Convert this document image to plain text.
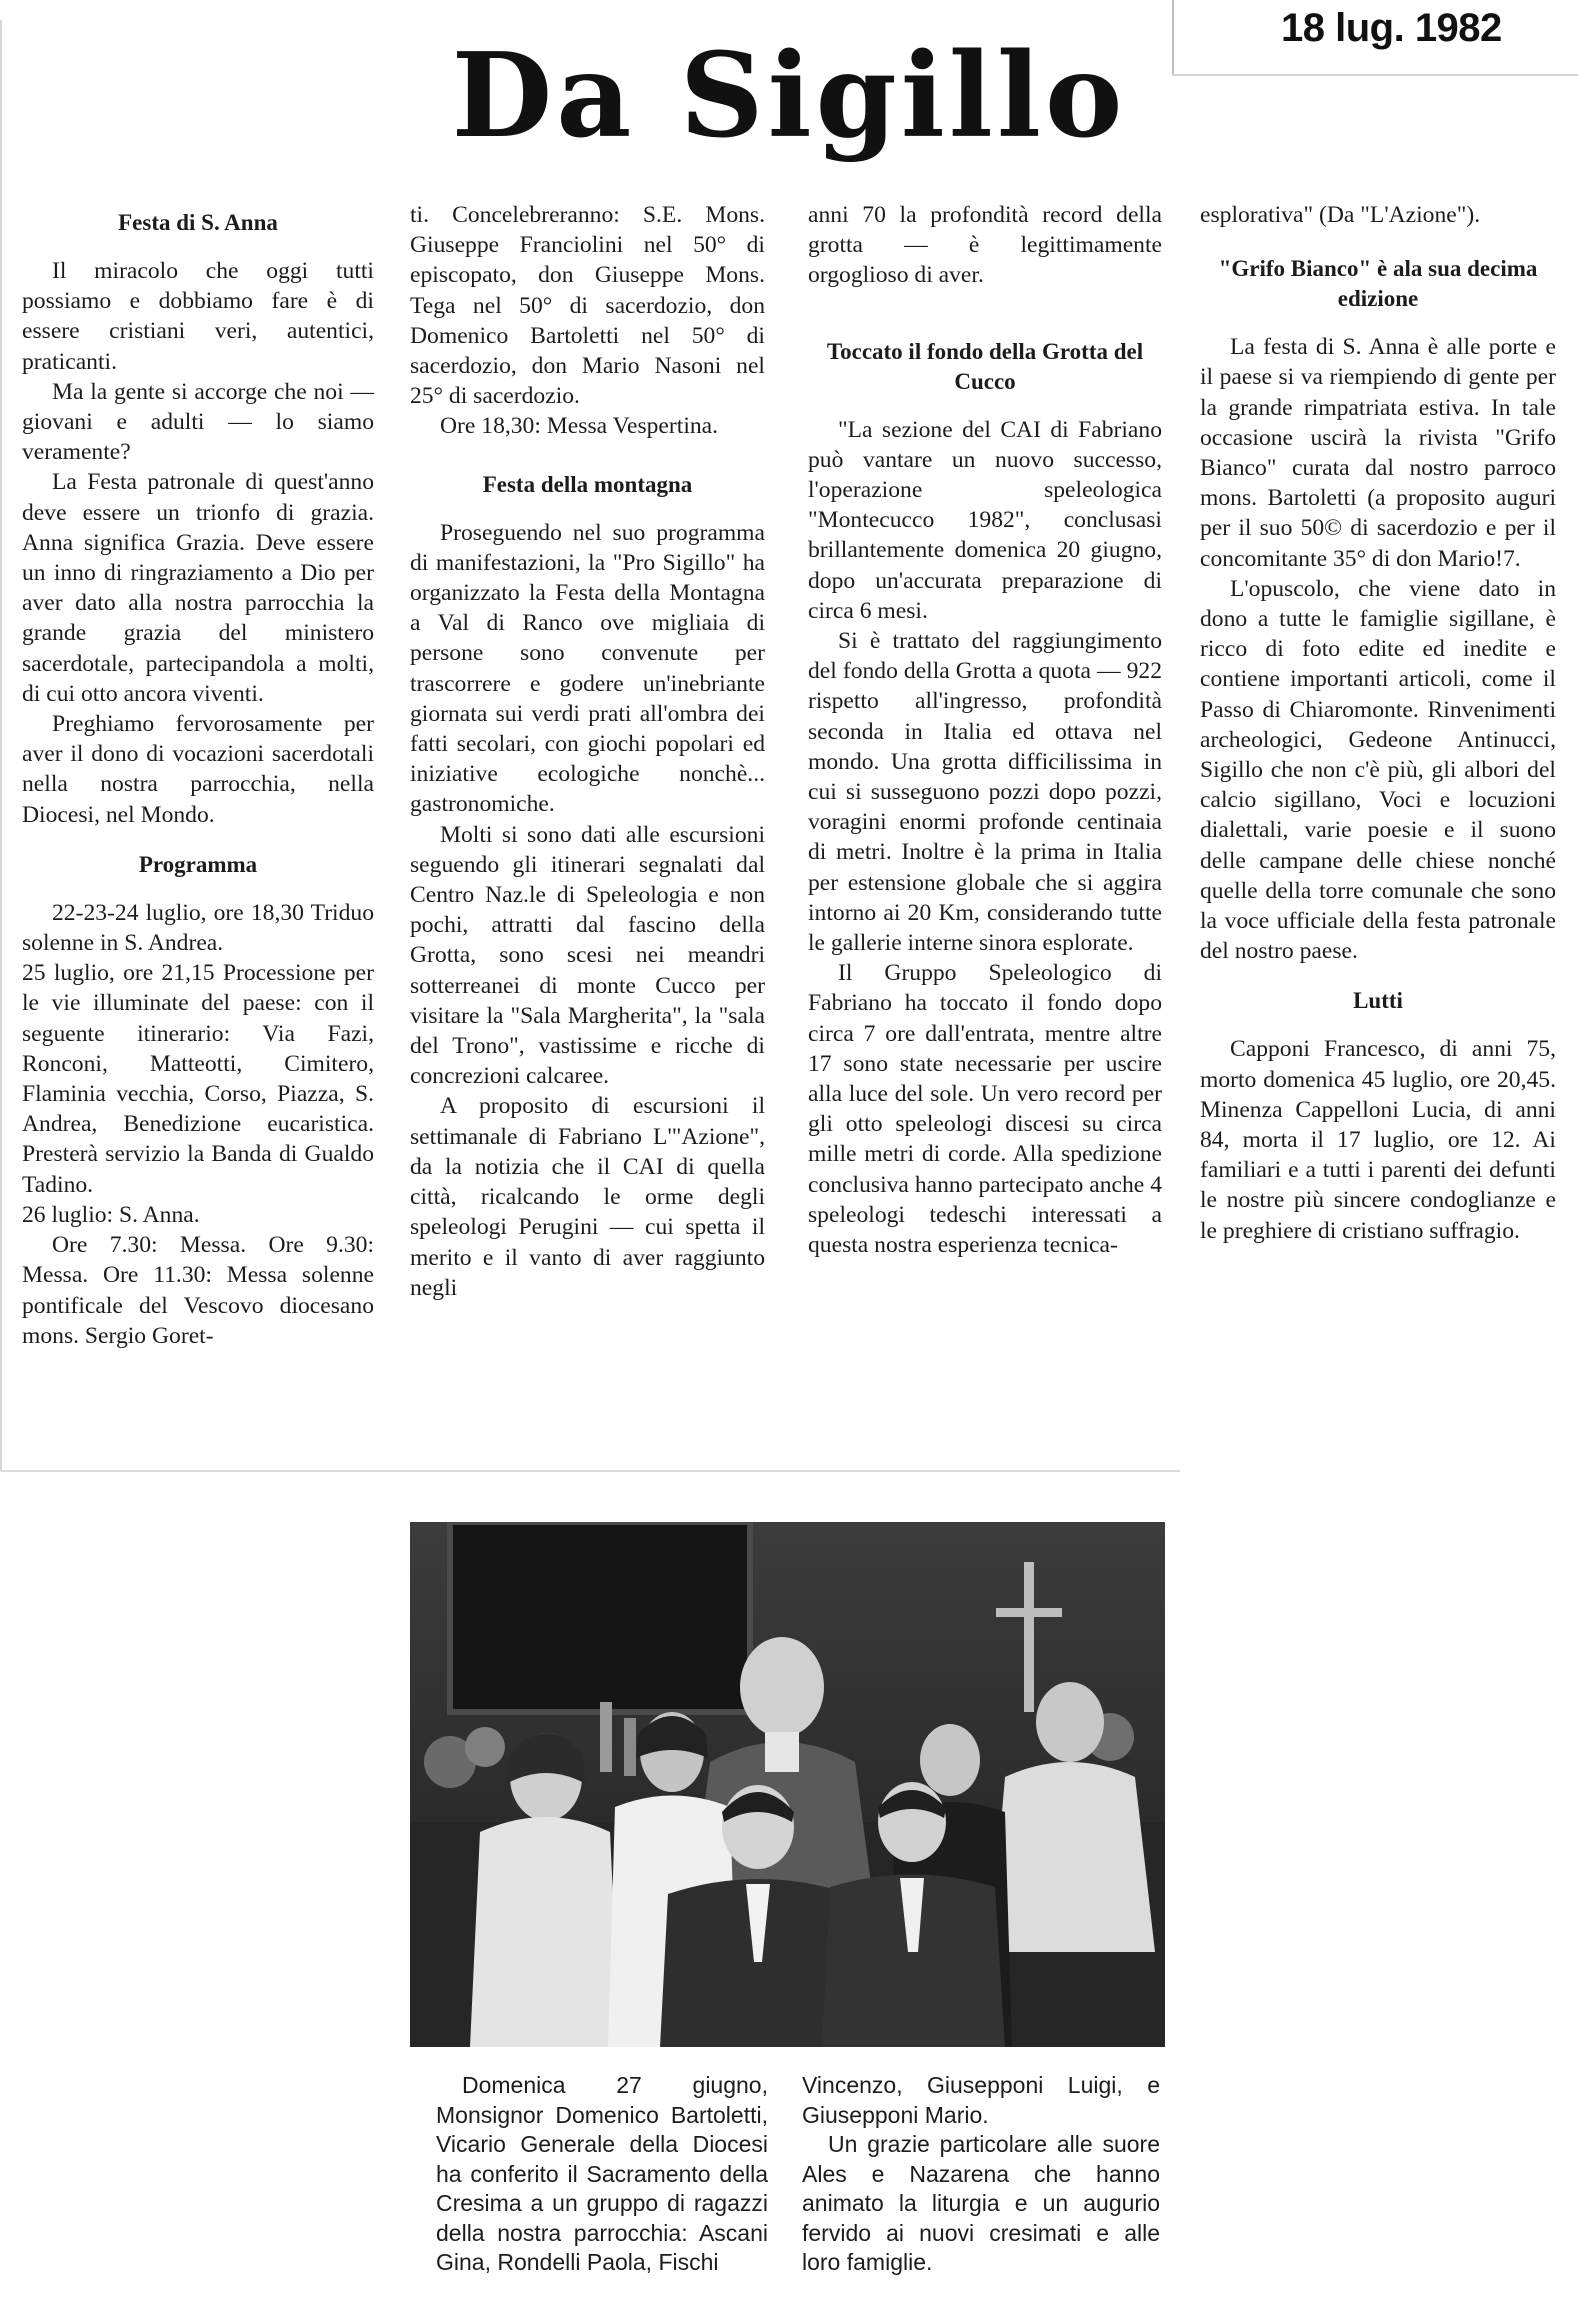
18 lug. 1982
Da Sigillo
Festa di S. Anna

Il miracolo che oggi tutti possiamo e dobbiamo fare è di essere cristiani veri, autentici, praticanti.

Ma la gente si accorge che noi — giovani e adulti — lo siamo veramente?

La Festa patronale di quest'anno deve essere un trionfo di grazia. Anna significa Grazia. Deve essere un inno di ringraziamento a Dio per aver dato alla nostra parrocchia la grande grazia del ministero sacerdotale, partecipandola a molti, di cui otto ancora viventi.

Preghiamo fervorosamente per aver il dono di vocazioni sacerdotali nella nostra parrocchia, nella Diocesi, nel Mondo.

Programma

22-23-24 luglio, ore 18,30 Triduo solenne in S. Andrea.

25 luglio, ore 21,15 Processione per le vie illuminate del paese: con il seguente itinerario: Via Fazi, Ronconi, Matteotti, Cimitero, Flaminia vecchia, Corso, Piazza, S. Andrea, Benedizione eucaristica. Presterà servizio la Banda di Gualdo Tadino.

26 luglio: S. Anna.

Ore 7.30: Messa. Ore 9.30: Messa. Ore 11.30: Messa solenne pontificale del Vescovo diocesano mons. Sergio Goret-

ti. Concelebreranno: S.E. Mons. Giuseppe Franciolini nel 50° di episcopato, don Giuseppe Mons. Tega nel 50° di sacerdozio, don Domenico Bartoletti nel 50° di sacerdozio, don Mario Nasoni nel 25° di sacerdozio.

Ore 18,30: Messa Vespertina.

Festa della montagna

Proseguendo nel suo programma di manifestazioni, la "Pro Sigillo" ha organizzato la Festa della Montagna a Val di Ranco ove migliaia di persone sono convenute per trascorrere e godere un'inebriante giornata sui verdi prati all'ombra dei fatti secolari, con giochi popolari ed iniziative ecologiche nonchè... gastronomiche.

Molti si sono dati alle escursioni seguendo gli itinerari segnalati dal Centro Naz.le di Speleologia e non pochi, attratti dal fascino della Grotta, sono scesi nei meandri sotterreanei di monte Cucco per visitare la "Sala Margherita", la "sala del Trono", vastissime e ricche di concrezioni calcaree.

A proposito di escursioni il settimanale di Fabriano L'"Azione", da la notizia che il CAI di quella città, ricalcando le orme degli speleologi Perugini — cui spetta il merito e il vanto di aver raggiunto negli

anni 70 la profondità record della grotta — è legittimamente orgoglioso di aver.

Toccato il fondo della Grotta del Cucco

"La sezione del CAI di Fabriano può vantare un nuovo successo, l'operazione speleologica "Montecucco 1982", conclusasi brillantemente domenica 20 giugno, dopo un'accurata preparazione di circa 6 mesi.

Si è trattato del raggiungimento del fondo della Grotta a quota — 922 rispetto all'ingresso, profondità seconda in Italia ed ottava nel mondo. Una grotta difficilissima in cui si susseguono pozzi dopo pozzi, voragini enormi profonde centinaia di metri. Inoltre è la prima in Italia per estensione globale che si aggira intorno ai 20 Km, considerando tutte le gallerie interne sinora esplorate.

Il Gruppo Speleologico di Fabriano ha toccato il fondo dopo circa 7 ore dall'entrata, mentre altre 17 sono state necessarie per uscire alla luce del sole. Un vero record per gli otto speleologi discesi su circa mille metri di corde. Alla spedizione conclusiva hanno partecipato anche 4 speleologi tedeschi interessati a questa nostra esperienza tecnica-

esplorativa" (Da "L'Azione").

"Grifo Bianco" è ala sua decima edizione

La festa di S. Anna è alle porte e il paese si va riempiendo di gente per la grande rimpatriata estiva. In tale occasione uscirà la rivista "Grifo Bianco" curata dal nostro parroco mons. Bartoletti (a proposito auguri per il suo 50© di sacerdozio e per il concomitante 35° di don Mario!7.

L'opuscolo, che viene dato in dono a tutte le famiglie sigillane, è ricco di foto edite ed inedite e contiene importanti articoli, come il Passo di Chiaromonte. Rinvenimenti archeologici, Gedeone Antinucci, Sigillo che non c'è più, gli albori del calcio sigillano, Voci e locuzioni dialettali, varie poesie e il suono delle campane delle chiese nonché quelle della torre comunale che sono la voce ufficiale della festa patronale del nostro paese.

Lutti

Capponi Francesco, di anni 75, morto domenica 45 luglio, ore 20,45. Minenza Cappelloni Lucia, di anni 84, morta il 17 luglio, ore 12. Ai familiari e a tutti i parenti dei defunti le nostre più sincere condoglianze e le preghiere di cristiano suffragio.

Domenica 27 giugno, Monsignor Domenico Bartoletti, Vicario Generale della Diocesi ha conferito il Sacramento della Cresima a un gruppo di ragazzi della nostra parrocchia: Ascani Gina, Rondelli Paola, Fischi

Vincenzo, Giusepponi Luigi, e Giusepponi Mario.

Un grazie particolare alle suore Ales e Nazarena che hanno animato la liturgia e un augurio fervido ai nuovi cresimati e alle loro famiglie.
